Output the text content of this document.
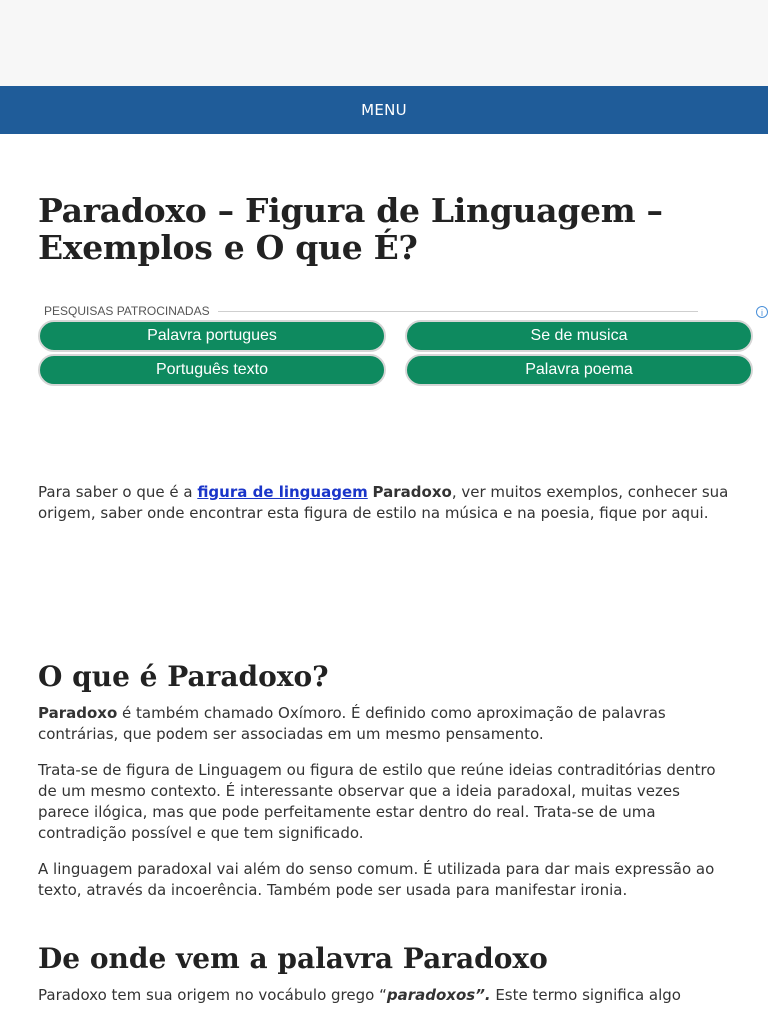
MENU
Paradoxo – Figura de Linguagem – Exemplos e O que É?
PESQUISAS PATROCINADAS	i
Palavra portugues	Se de musica
Português texto	Palavra poema

Para saber o que é a figura de linguagem Paradoxo, ver muitos exemplos, conhecer sua origem, saber onde encontrar esta figura de estilo na música e na poesia, fique por aqui.

O que é Paradoxo?

Paradoxo é também chamado Oxímoro. É definido como aproximação de palavras contrárias, que podem ser associadas em um mesmo pensamento.

Trata-se de figura de Linguagem ou figura de estilo que reúne ideias contraditórias dentro de um mesmo contexto. É interessante observar que a ideia paradoxal, muitas vezes parece ilógica, mas que pode perfeitamente estar dentro do real. Trata-se de uma contradição possível e que tem significado.

A linguagem paradoxal vai além do senso comum. É utilizada para dar mais expressão ao texto, através da incoerência. Também pode ser usada para manifestar ironia.

De onde vem a palavra Paradoxo

Paradoxo tem sua origem no vocábulo grego “paradoxos”. Este termo significa algo
